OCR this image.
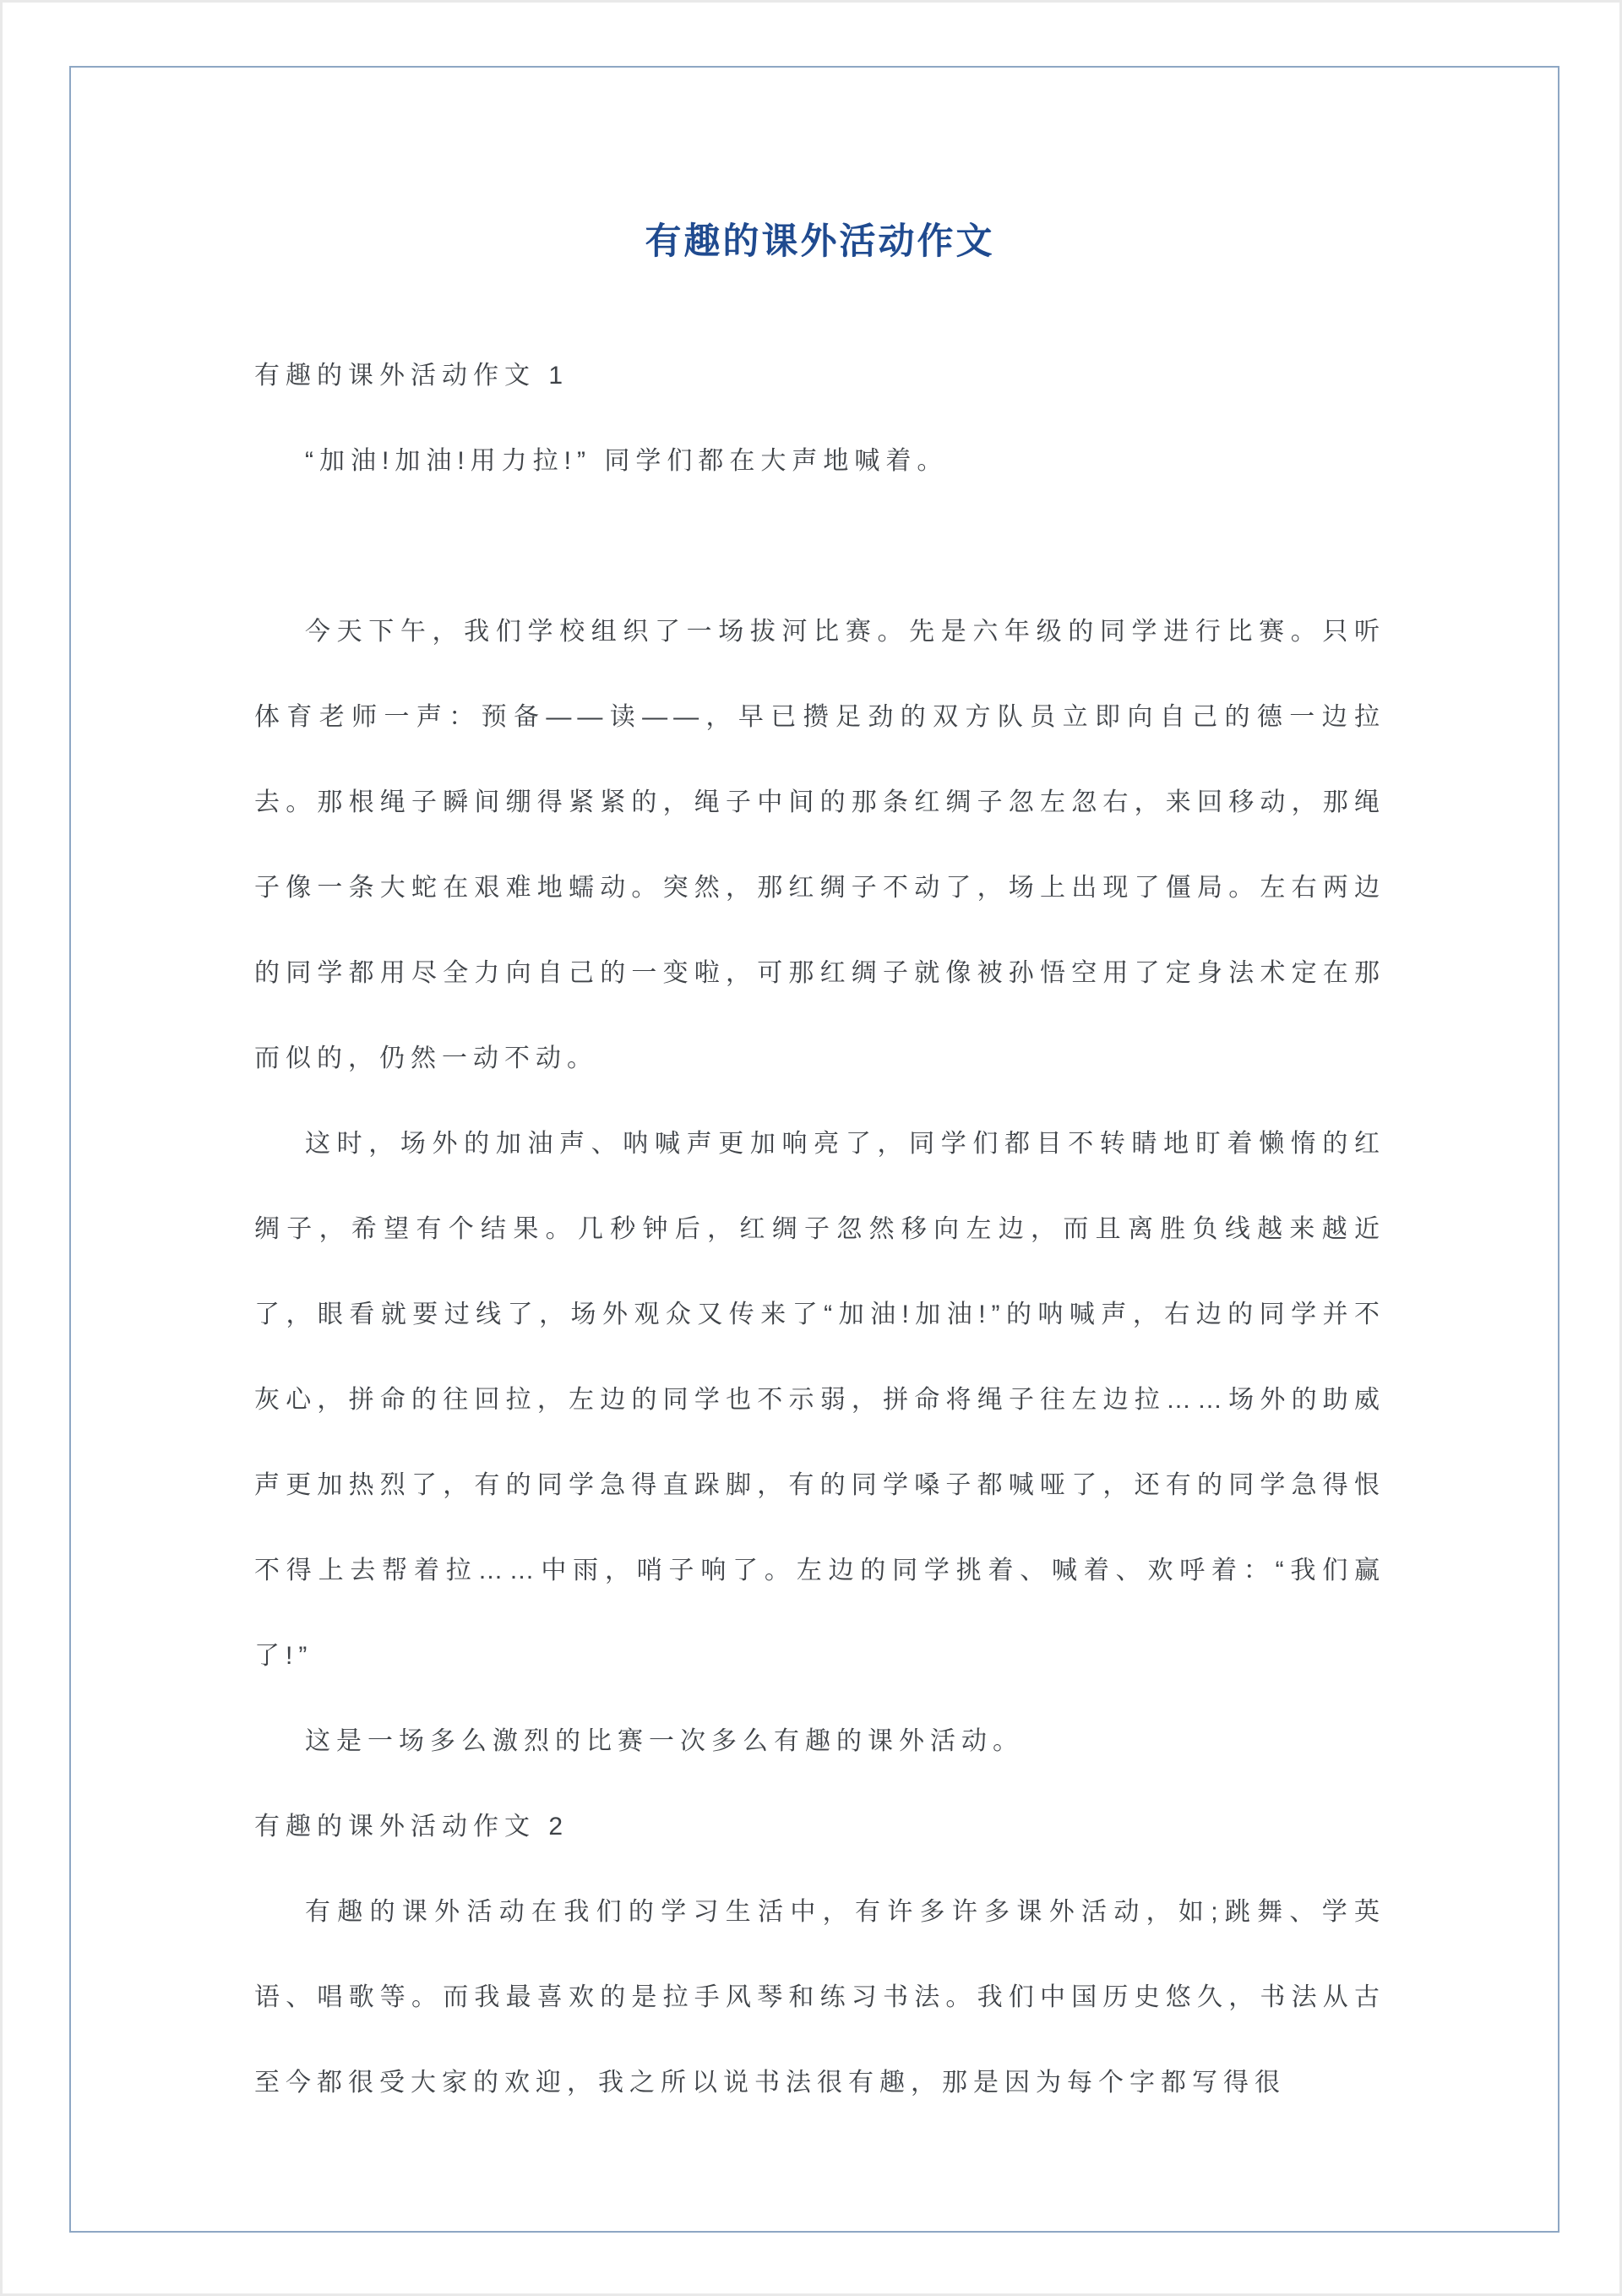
有趣的课外活动作文

有趣的课外活动作文 1

“加油!加油!用力拉!” 同学们都在大声地喊着。

今天下午，我们学校组织了一场拔河比赛。先是六年级的同学进行比赛。只听体育老师一声：预备——读——，早已攒足劲的双方队员立即向自己的德一边拉去。那根绳子瞬间绷得紧紧的，绳子中间的那条红绸子忽左忽右，来回移动，那绳子像一条大蛇在艰难地蠕动。突然，那红绸子不动了，场上出现了僵局。左右两边的同学都用尽全力向自己的一变啦，可那红绸子就像被孙悟空用了定身法术定在那而似的，仍然一动不动。

这时，场外的加油声、呐喊声更加响亮了，同学们都目不转睛地盯着懒惰的红绸子，希望有个结果。几秒钟后，红绸子忽然移向左边，而且离胜负线越来越近了，眼看就要过线了，场外观众又传来了“加油!加油!”的呐喊声，右边的同学并不灰心，拼命的往回拉，左边的同学也不示弱，拼命将绳子往左边拉……场外的助威声更加热烈了，有的同学急得直跺脚，有的同学嗓子都喊哑了，还有的同学急得恨不得上去帮着拉……中雨，哨子响了。左边的同学挑着、喊着、欢呼着：“我们赢了!”

这是一场多么激烈的比赛一次多么有趣的课外活动。

有趣的课外活动作文 2

有趣的课外活动在我们的学习生活中，有许多许多课外活动，如;跳舞、学英语、唱歌等。而我最喜欢的是拉手风琴和练习书法。我们中国历史悠久，书法从古至今都很受大家的欢迎，我之所以说书法很有趣，那是因为每个字都写得很
